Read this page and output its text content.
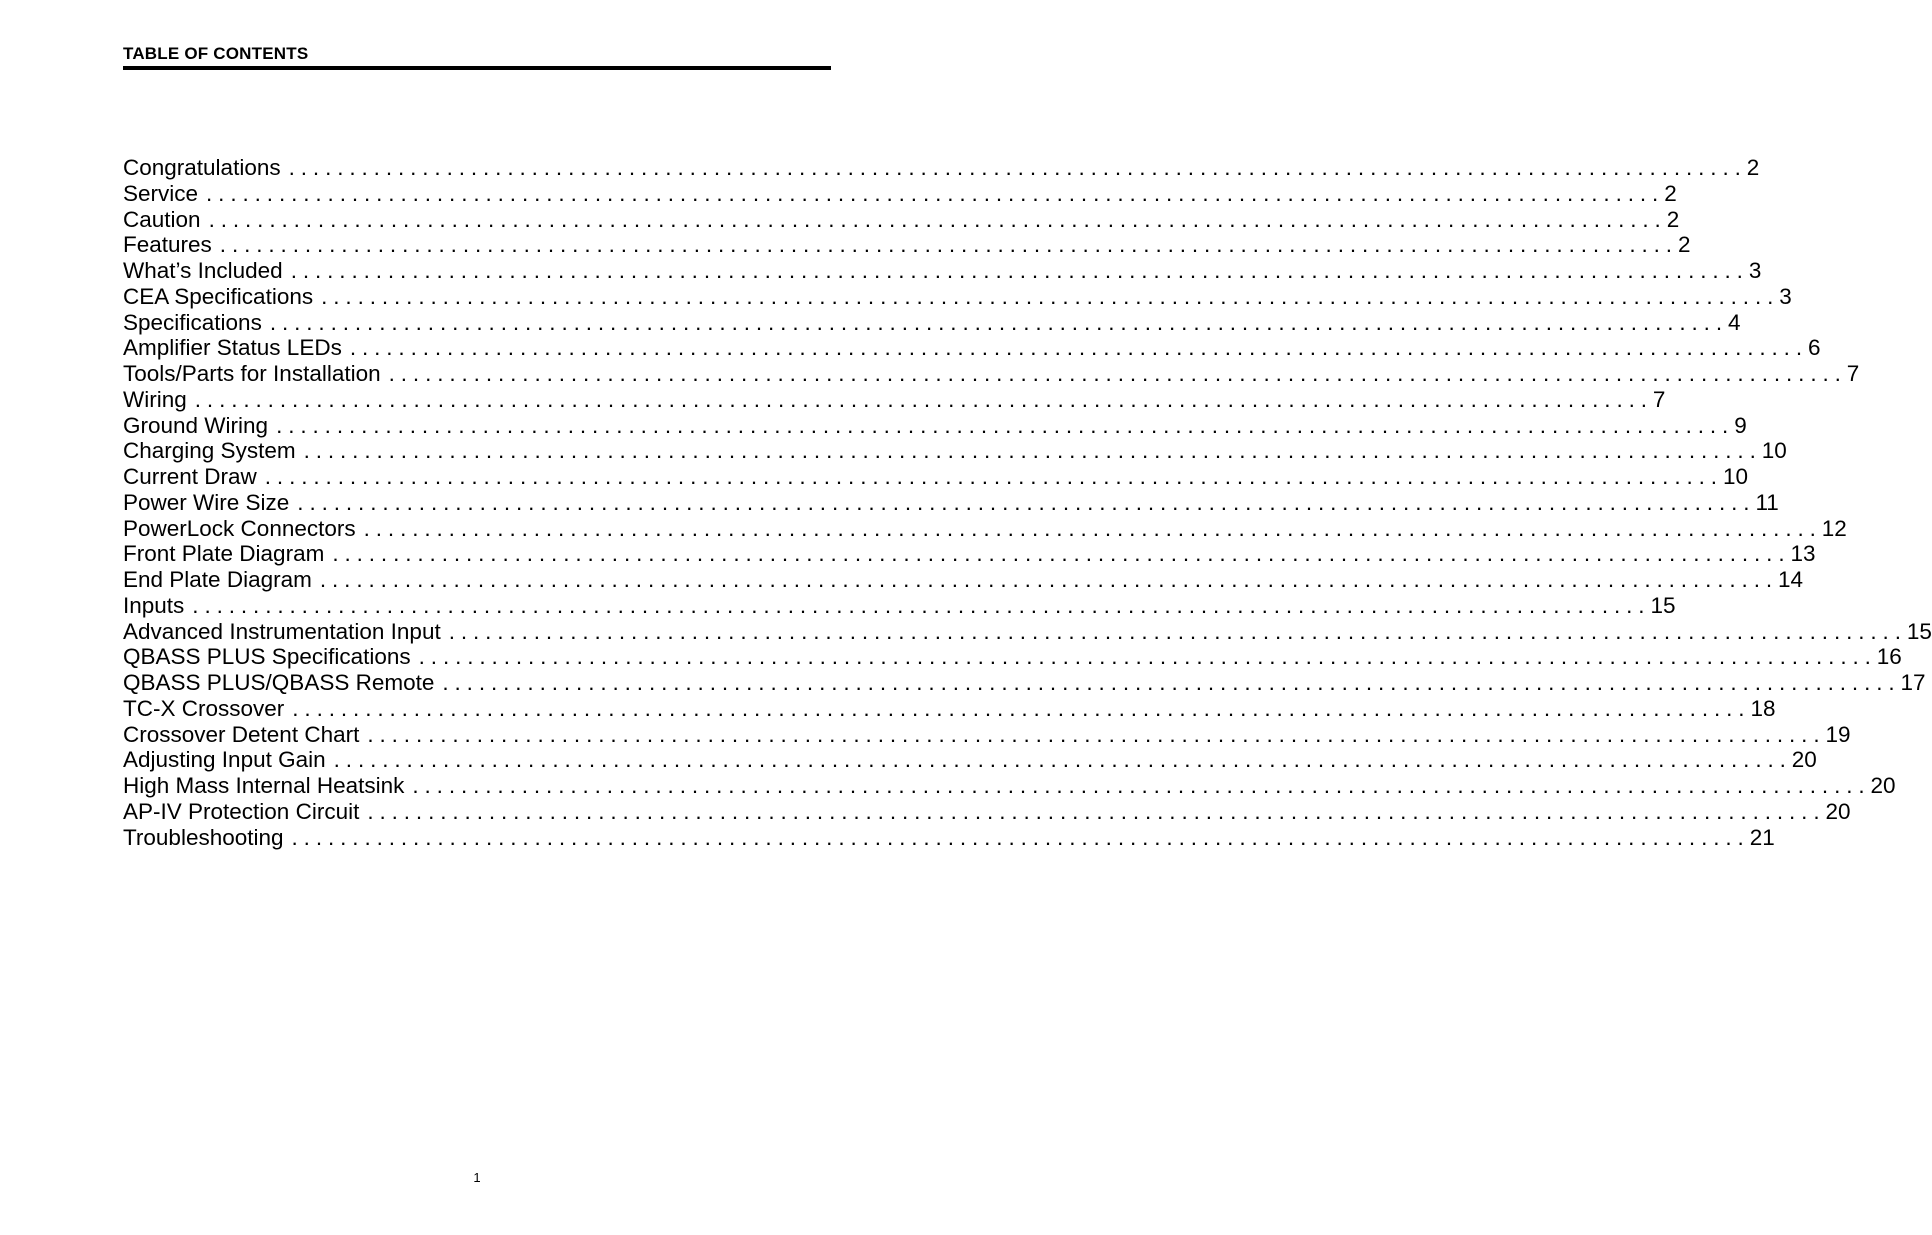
TABLE OF CONTENTS
Congratulations ........................................................................................................................ 2
Service ........................................................................................................................ 2
Caution ........................................................................................................................ 2
Features ........................................................................................................................ 2
What’s Included ........................................................................................................................ 3
CEA Specifications ........................................................................................................................ 3
Specifications ........................................................................................................................ 4
Amplifier Status LEDs ........................................................................................................................ 6
Tools/Parts for Installation ........................................................................................................................ 7
Wiring ........................................................................................................................ 7
Ground Wiring ........................................................................................................................ 9
Charging System ........................................................................................................................ 10
Current Draw ........................................................................................................................ 10
Power Wire Size ........................................................................................................................ 11
PowerLock Connectors ........................................................................................................................ 12
Front Plate Diagram ........................................................................................................................ 13
End Plate Diagram ........................................................................................................................ 14
Inputs ........................................................................................................................ 15
Advanced Instrumentation Input ........................................................................................................................ 15
QBASS PLUS Specifications ........................................................................................................................ 16
QBASS PLUS/QBASS Remote ........................................................................................................................ 17
TC-X Crossover ........................................................................................................................ 18
Crossover Detent Chart ........................................................................................................................ 19
Adjusting Input Gain ........................................................................................................................ 20
High Mass Internal Heatsink ........................................................................................................................ 20
AP-IV Protection Circuit ........................................................................................................................ 20
Troubleshooting ........................................................................................................................ 21
1
